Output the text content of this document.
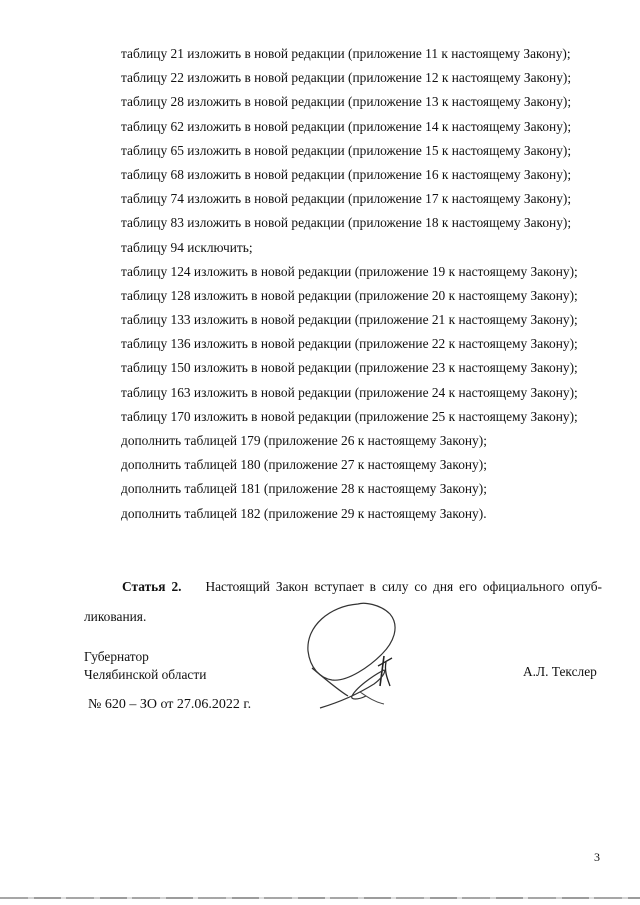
таблицу 21 изложить в новой редакции (приложение 11 к настоящему Закону);
таблицу 22 изложить в новой редакции (приложение 12 к настоящему Закону);
таблицу 28 изложить в новой редакции (приложение 13 к настоящему Закону);
таблицу 62 изложить в новой редакции (приложение 14 к настоящему Закону);
таблицу 65 изложить в новой редакции (приложение 15 к настоящему Закону);
таблицу 68 изложить в новой редакции (приложение 16 к настоящему Закону);
таблицу 74 изложить в новой редакции (приложение 17 к настоящему Закону);
таблицу 83 изложить в новой редакции (приложение 18 к настоящему Закону);
таблицу 94 исключить;
таблицу 124 изложить в новой редакции (приложение 19 к настоящему Закону);
таблицу 128 изложить в новой редакции (приложение 20 к настоящему Закону);
таблицу 133 изложить в новой редакции (приложение 21 к настоящему Закону);
таблицу 136 изложить в новой редакции (приложение 22 к настоящему Закону);
таблицу 150 изложить в новой редакции (приложение 23 к настоящему Закону);
таблицу 163 изложить в новой редакции (приложение 24 к настоящему Закону);
таблицу 170 изложить в новой редакции (приложение 25 к настоящему Закону);
дополнить таблицей 179 (приложение 26 к настоящему Закону);
дополнить таблицей 180 (приложение 27 к настоящему Закону);
дополнить таблицей 181 (приложение 28 к настоящему Закону);
дополнить таблицей 182 (приложение 29 к настоящему Закону).
Статья 2. Настоящий Закон вступает в силу со дня его официального опуб-
ликования.
Губернатор
Челябинской области	А.Л. Текслер
№ 620 – ЗО от 27.06.2022 г.
3
